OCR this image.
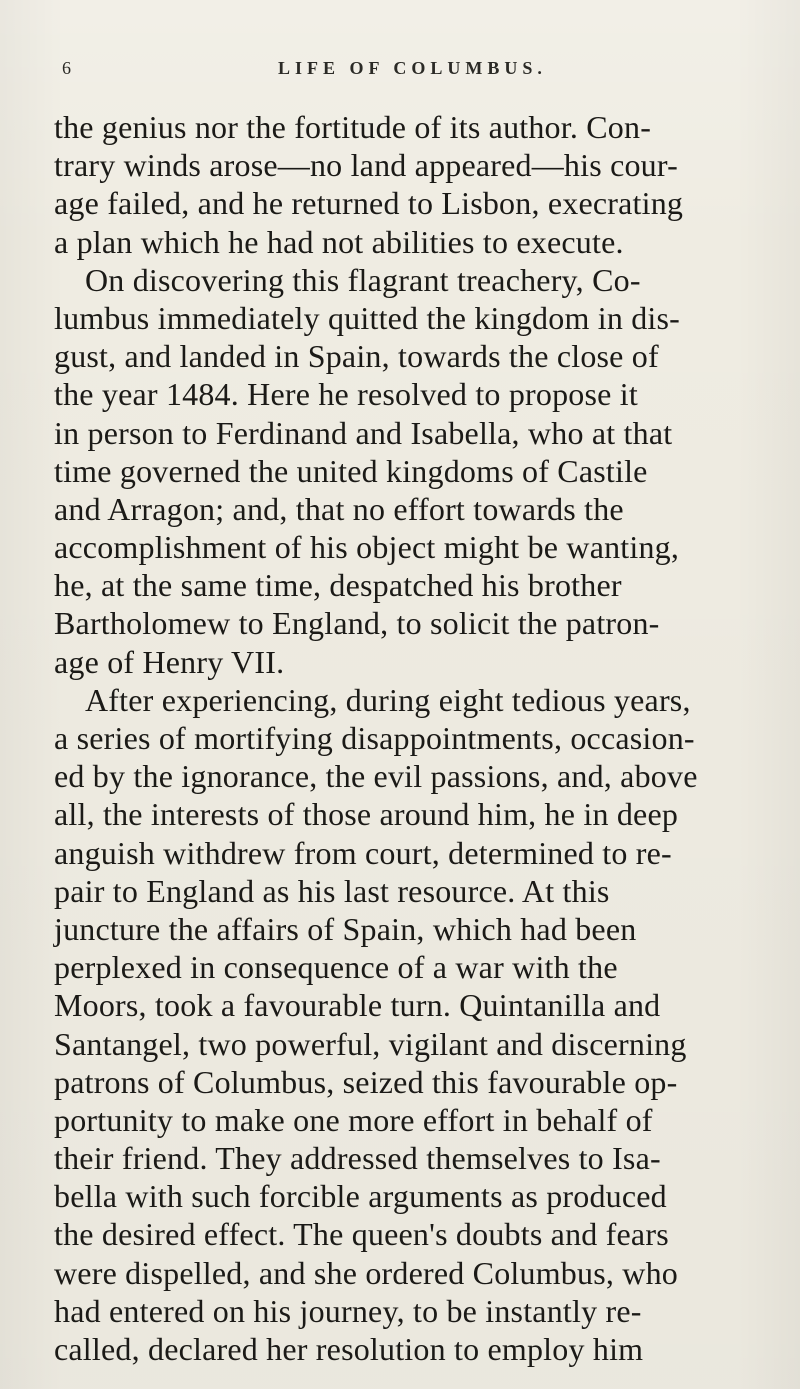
6	LIFE OF COLUMBUS.
the genius nor the fortitude of its author. Con-
trary winds arose—no land appeared—his cour-
age failed, and he returned to Lisbon, execrating
a plan which he had not abilities to execute.
On discovering this flagrant treachery, Co-
lumbus immediately quitted the kingdom in dis-
gust, and landed in Spain, towards the close of
the year 1484. Here he resolved to propose it
in person to Ferdinand and Isabella, who at that
time governed the united kingdoms of Castile
and Arragon; and, that no effort towards the
accomplishment of his object might be wanting,
he, at the same time, despatched his brother
Bartholomew to England, to solicit the patron-
age of Henry VII.
After experiencing, during eight tedious years,
a series of mortifying disappointments, occasion-
ed by the ignorance, the evil passions, and, above
all, the interests of those around him, he in deep
anguish withdrew from court, determined to re-
pair to England as his last resource. At this
juncture the affairs of Spain, which had been
perplexed in consequence of a war with the
Moors, took a favourable turn. Quintanilla and
Santangel, two powerful, vigilant and discerning
patrons of Columbus, seized this favourable op-
portunity to make one more effort in behalf of
their friend. They addressed themselves to Isa-
bella with such forcible arguments as produced
the desired effect. The queen's doubts and fears
were dispelled, and she ordered Columbus, who
had entered on his journey, to be instantly re-
called, declared her resolution to employ him
